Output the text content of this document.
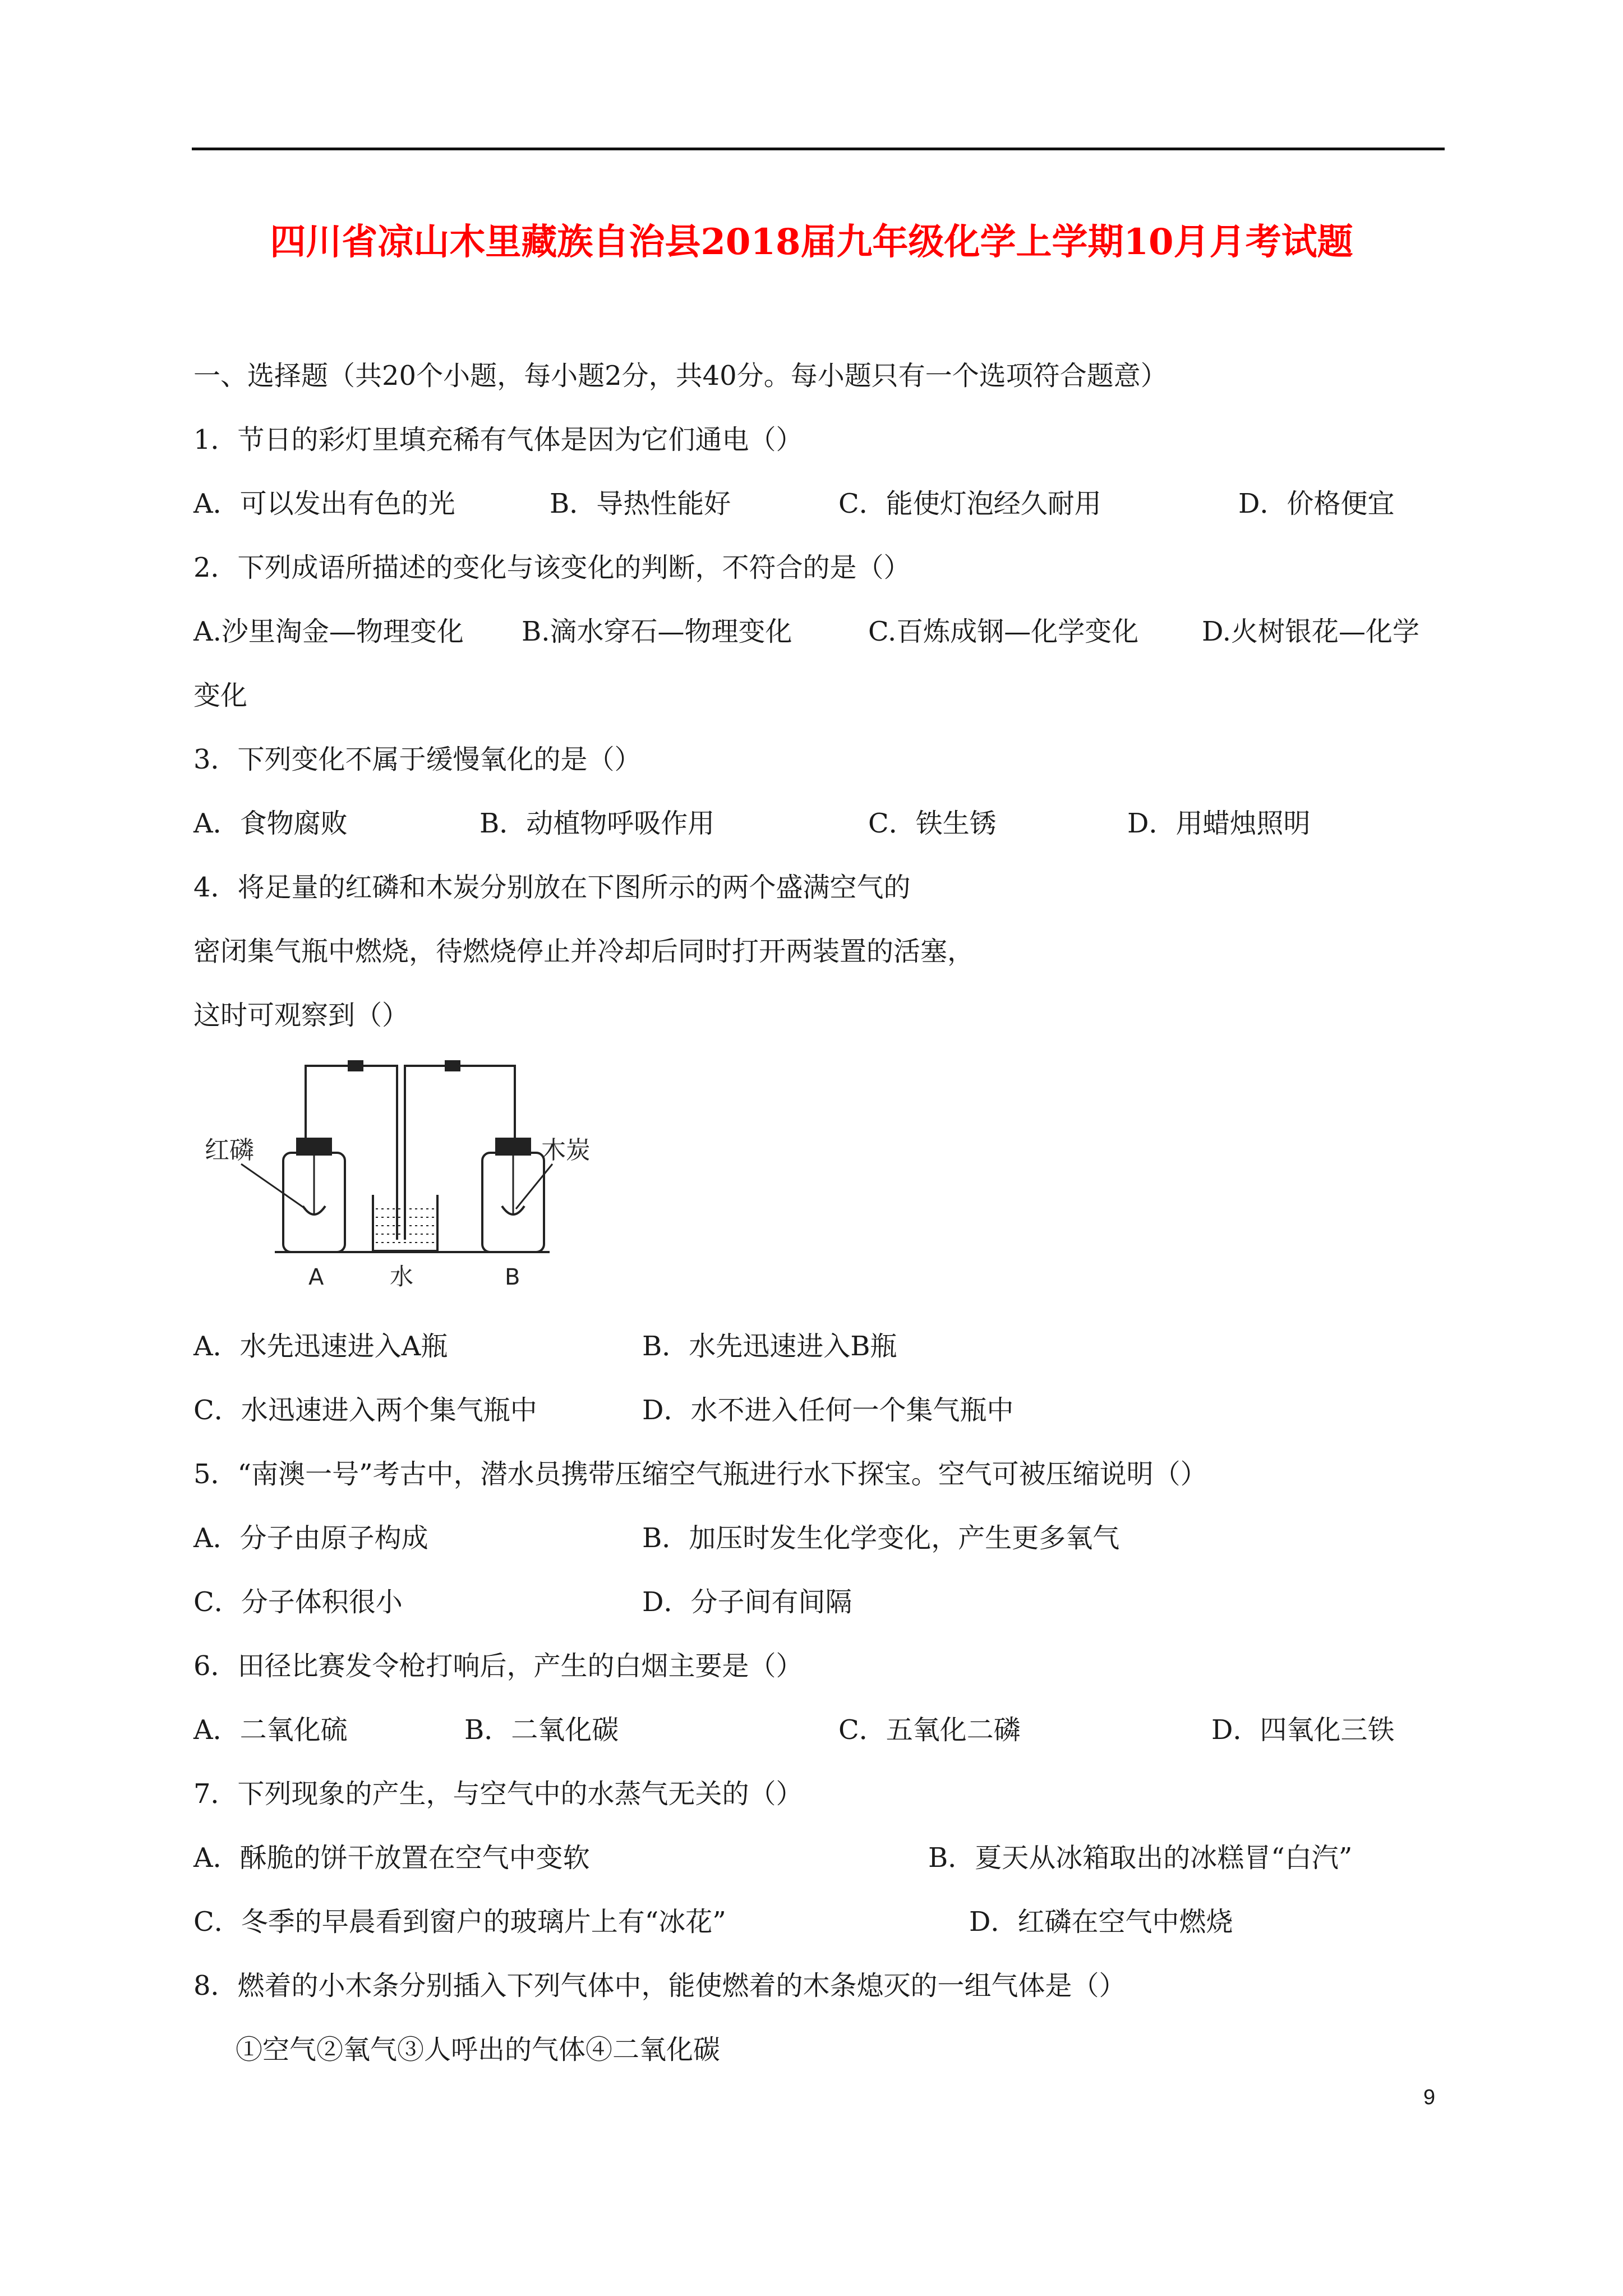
四川省凉山木里藏族自治县2018届九年级化学上学期10月月考试题
一、选择题（共20个小题，每小题2分，共40分。每小题只有一个选项符合题意）
1．节日的彩灯里填充稀有气体是因为它们通电（）
A．可以发出有色的光	B．导热性能好	C．能使灯泡经久耐用	D．价格便宜
2．下列成语所描述的变化与该变化的判断，不符合的是（）
A.沙里淘金—物理变化 B.滴水穿石—物理变化	C.百炼成钢—化学变化 D.火树银花—化学
变化
3．下列变化不属于缓慢氧化的是（）
A．食物腐败	B．动植物呼吸作用	C．铁生锈	D．用蜡烛照明
4．将足量的红磷和木炭分别放在下图所示的两个盛满空气的
密闭集气瓶中燃烧，待燃烧停止并冷却后同时打开两装置的活塞，
这时可观察到（）
红磷	木炭
A	水	B
A．水先迅速进入A瓶	B．水先迅速进入B瓶
C．水迅速进入两个集气瓶中	D．水不进入任何一个集气瓶中
5．“南澳一号”考古中，潜水员携带压缩空气瓶进行水下探宝。空气可被压缩说明（）
A．分子由原子构成	B．加压时发生化学变化，产生更多氧气
C．分子体积很小	D．分子间有间隔
6．田径比赛发令枪打响后，产生的白烟主要是（）
A．二氧化硫	B．二氧化碳	C．五氧化二磷	D．四氧化三铁
7．下列现象的产生，与空气中的水蒸气无关的（）
A．酥脆的饼干放置在空气中变软	B．夏天从冰箱取出的冰糕冒“白汽”
C．冬季的早晨看到窗户的玻璃片上有“冰花”	D．红磷在空气中燃烧
8．燃着的小木条分别插入下列气体中，能使燃着的木条熄灭的一组气体是（）
①空气②氧气③人呼出的气体④二氧化碳
9
